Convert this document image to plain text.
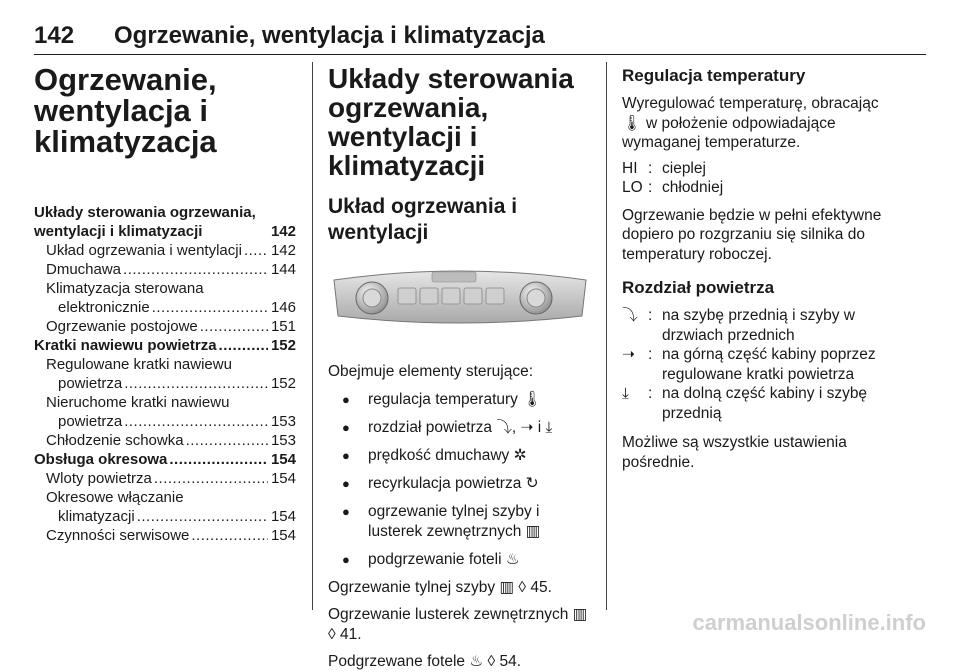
142 Ogrzewanie, wentylacja i klimatyzacja
Ogrzewanie, wentylacja i klimatyzacja
Układy sterowania ogrzewania, wentylacji i klimatyzacji	142
Układ ogrzewania i wentylacji ..... 142
Dmuchawa .....	144
Klimatyzacja sterowana
elektronicznie .....	146
Ogrzewanie postojowe .....	151
Kratki nawiewu powietrza .....	152
Regulowane kratki nawiewu
powietrza .....	152
Nieruchome kratki nawiewu
powietrza .....	153
Chłodzenie schowka .....	153
Obsługa okresowa .....	154
Wloty powietrza .....	154
Okresowe włączanie
klimatyzacji .....	154
Czynności serwisowe .....	154
Układy sterowania ogrzewania, wentylacji i klimatyzacji
Układ ogrzewania i wentylacji

Obejmuje elementy sterujące:

● regulacja temperatury 🌡
● rozdział powietrza ⤵, ➝ i ⤓
● prędkość dmuchawy ✲
● recyrkulacja powietrza ↻
● ogrzewanie tylnej szyby i lusterek zewnętrznych ▥
● podgrzewanie foteli ♨

Ogrzewanie tylnej szyby ▥ ◊ 45.

Ogrzewanie lusterek zewnętrznych ▥ ◊ 41.

Podgrzewane fotele ♨ ◊ 54.

Regulacja temperatury

Wyregulować temperaturę, obracając 🌡 w położenie odpowiadające wymaganej temperaturze.

HI : cieplej
LO : chłodniej

Ogrzewanie będzie w pełni efektywne dopiero po rozgrzaniu się silnika do temperatury roboczej.

Rozdział powietrza
⤵ : na szybę przednią i szyby w drzwiach przednich
➝ : na górną część kabiny poprzez regulowane kratki powietrza
⤓	: na dolną część kabiny i szybę przednią

Możliwe są wszystkie ustawienia pośrednie.

carmanualsonline.info
